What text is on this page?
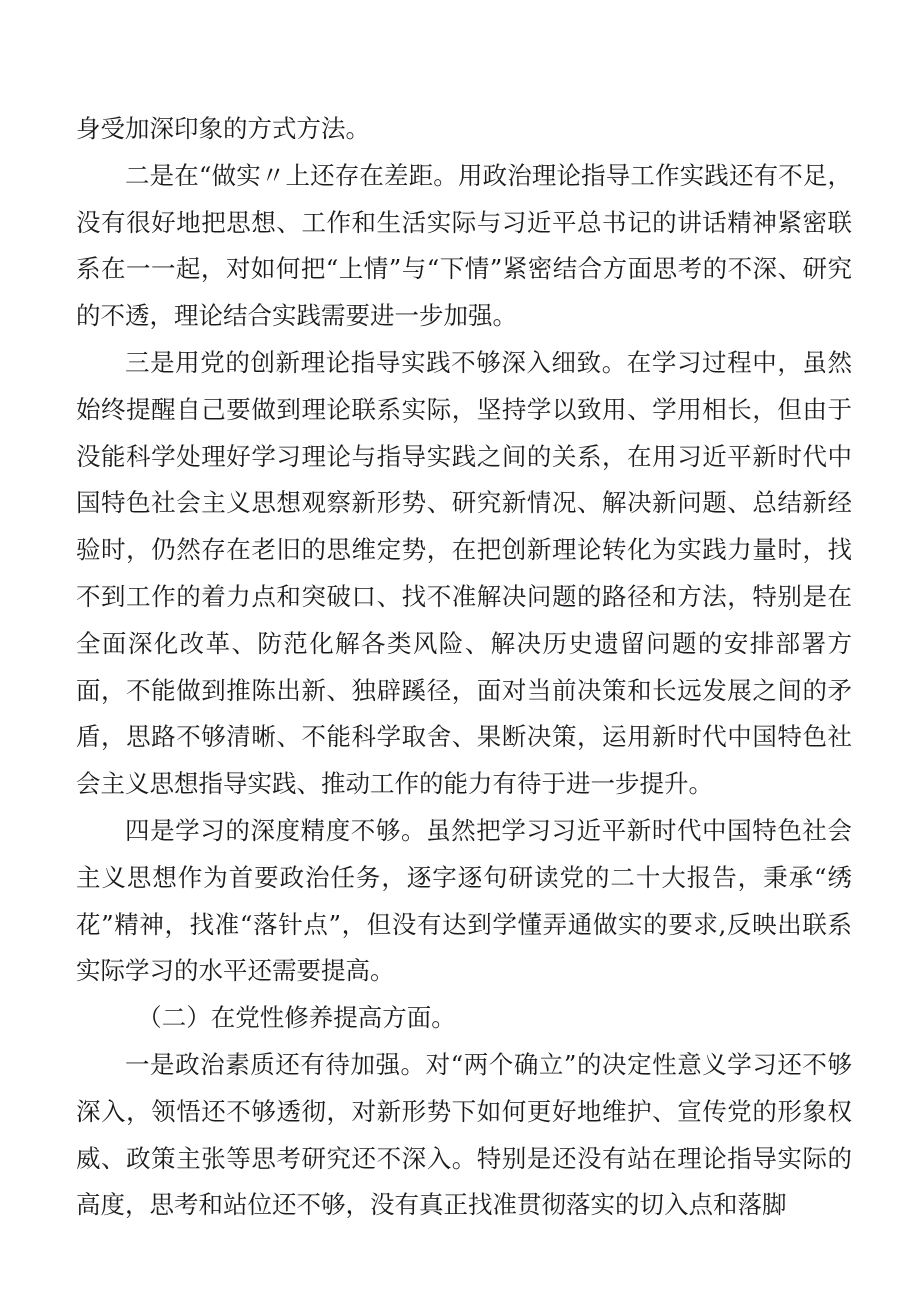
身受加深印象的方式方法。

二是在“做实〃上还存在差距。用政治理论指导工作实践还有不足，没有很好地把思想、工作和生活实际与习近平总书记的讲话精神紧密联系在一一起，对如何把“上情”与“下情”紧密结合方面思考的不深、研究的不透，理论结合实践需要进一步加强。

三是用党的创新理论指导实践不够深入细致。在学习过程中，虽然始终提醒自己要做到理论联系实际，坚持学以致用、学用相长，但由于没能科学处理好学习理论与指导实践之间的关系，在用习近平新时代中国特色社会主义思想观察新形势、研究新情况、解决新问题、总结新经验时，仍然存在老旧的思维定势，在把创新理论转化为实践力量时，找不到工作的着力点和突破口、找不准解决问题的路径和方法，特别是在全面深化改革、防范化解各类风险、解决历史遗留问题的安排部署方面，不能做到推陈出新、独辟蹊径，面对当前决策和长远发展之间的矛盾，思路不够清晰、不能科学取舍、果断决策，运用新时代中国特色社会主义思想指导实践、推动工作的能力有待于进一步提升。

四是学习的深度精度不够。虽然把学习习近平新时代中国特色社会主义思想作为首要政治任务，逐字逐句研读党的二十大报告，秉承“绣花”精神，找准“落针点”，但没有达到学懂弄通做实的要求,反映出联系实际学习的水平还需要提高。

（二）在党性修养提高方面。

一是政治素质还有待加强。对“两个确立”的决定性意义学习还不够深入，领悟还不够透彻，对新形势下如何更好地维护、宣传党的形象权威、政策主张等思考研究还不深入。特别是还没有站在理论指导实际的高度，思考和站位还不够，没有真正找准贯彻落实的切入点和落脚
